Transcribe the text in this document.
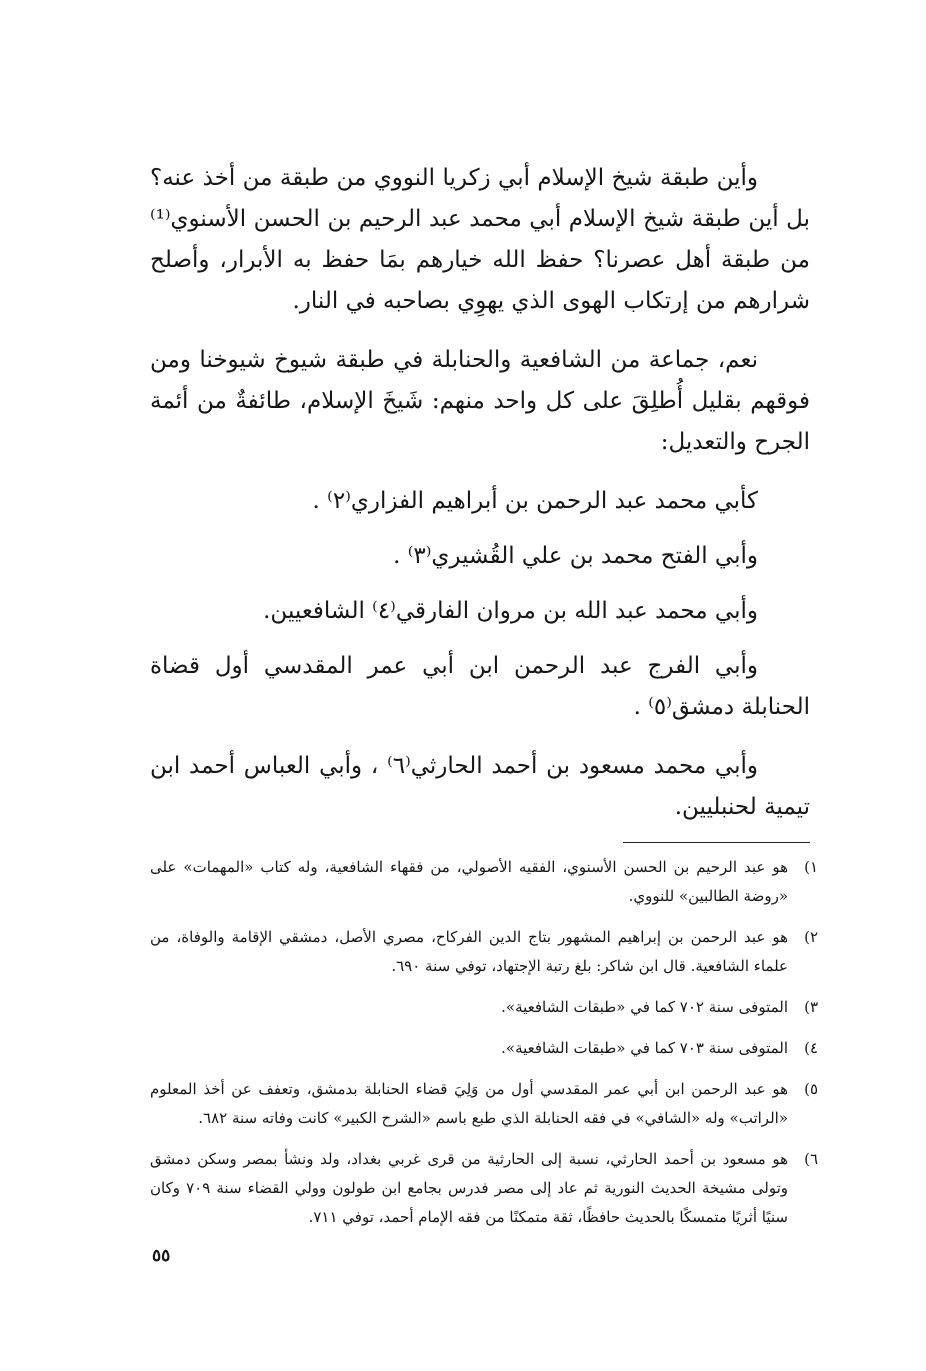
وأين طبقة شيخ الإسلام أبي زكريا النووي من طبقة من أخذ عنه؟ بل أين طبقة شيخ الإسلام أبي محمد عبد الرحيم بن الحسن الأسنوي⁽¹⁾ من طبقة أهل عصرنا؟ حفظ الله خيارهم بمَا حفظ به الأبرار، وأصلح شرارهم من إرتكاب الهوى الذي يهوِي بصاحبه في النار.

نعم، جماعة من الشافعية والحنابلة في طبقة شيوخ شيوخنا ومن فوقهم بقليل أُطلِقَ على كل واحد منهم: شَيخَ الإسلام، طائفةٌ من أئمة الجرح والتعديل:

كأبي محمد عبد الرحمن بن أبراهيم الفزاري⁽٢⁾ .

وأبي الفتح محمد بن علي القُشيري⁽٣⁾ .

وأبي محمد عبد الله بن مروان الفارقي⁽٤⁾ الشافعيين.

وأبي الفرج عبد الرحمن ابن أبي عمر المقدسي أول قضاة الحنابلة دمشق⁽٥⁾ .

وأبي محمد مسعود بن أحمد الحارثي⁽٦⁾ ، وأبي العباس أحمد ابن تيمية لحنبليين.

١)
هو عبد الرحيم بن الحسن الأسنوي، الفقيه الأصولي، من فقهاء الشافعية، وله كتاب «المهمات» على «روضة الطالبين» للنووي.
٢)
هو عبد الرحمن بن إبراهيم المشهور بتاج الدين الفركاح، مصري الأصل، دمشقي الإقامة والوفاة، من علماء الشافعية. قال ابن شاكر: بلغ رتبة الإجتهاد، توفي سنة ٦٩٠.
٣)
المتوفى سنة ٧٠٢ كما في «طبقات الشافعية».
٤)
المتوفى سنة ٧٠٣ كما في «طبقات الشافعية».
٥)
هو عبد الرحمن ابن أبي عمر المقدسي أول من وَلِيَ قضاء الحنابلة بدمشق، وتعفف عن أخذ المعلوم «الراتب» وله «الشافي» في فقه الحنابلة الذي طبع باسم «الشرح الكبير» كانت وفاته سنة ٦٨٢.
٦)
هو مسعود بن أحمد الحارثي، نسبة إلى الحارثية من قرى غربي بغداد، ولد ونشأ بمصر وسكن دمشق وتولى مشيخة الحديث النورية ثم عاد إلى مصر فدرس بجامع ابن طولون وولي القضاء سنة ٧٠٩ وكان سنيًا أثريًا متمسكًا بالحديث حافظًا، ثقة متمكنًا من فقه الإمام أحمد، توفي ٧١١.
٥٥
